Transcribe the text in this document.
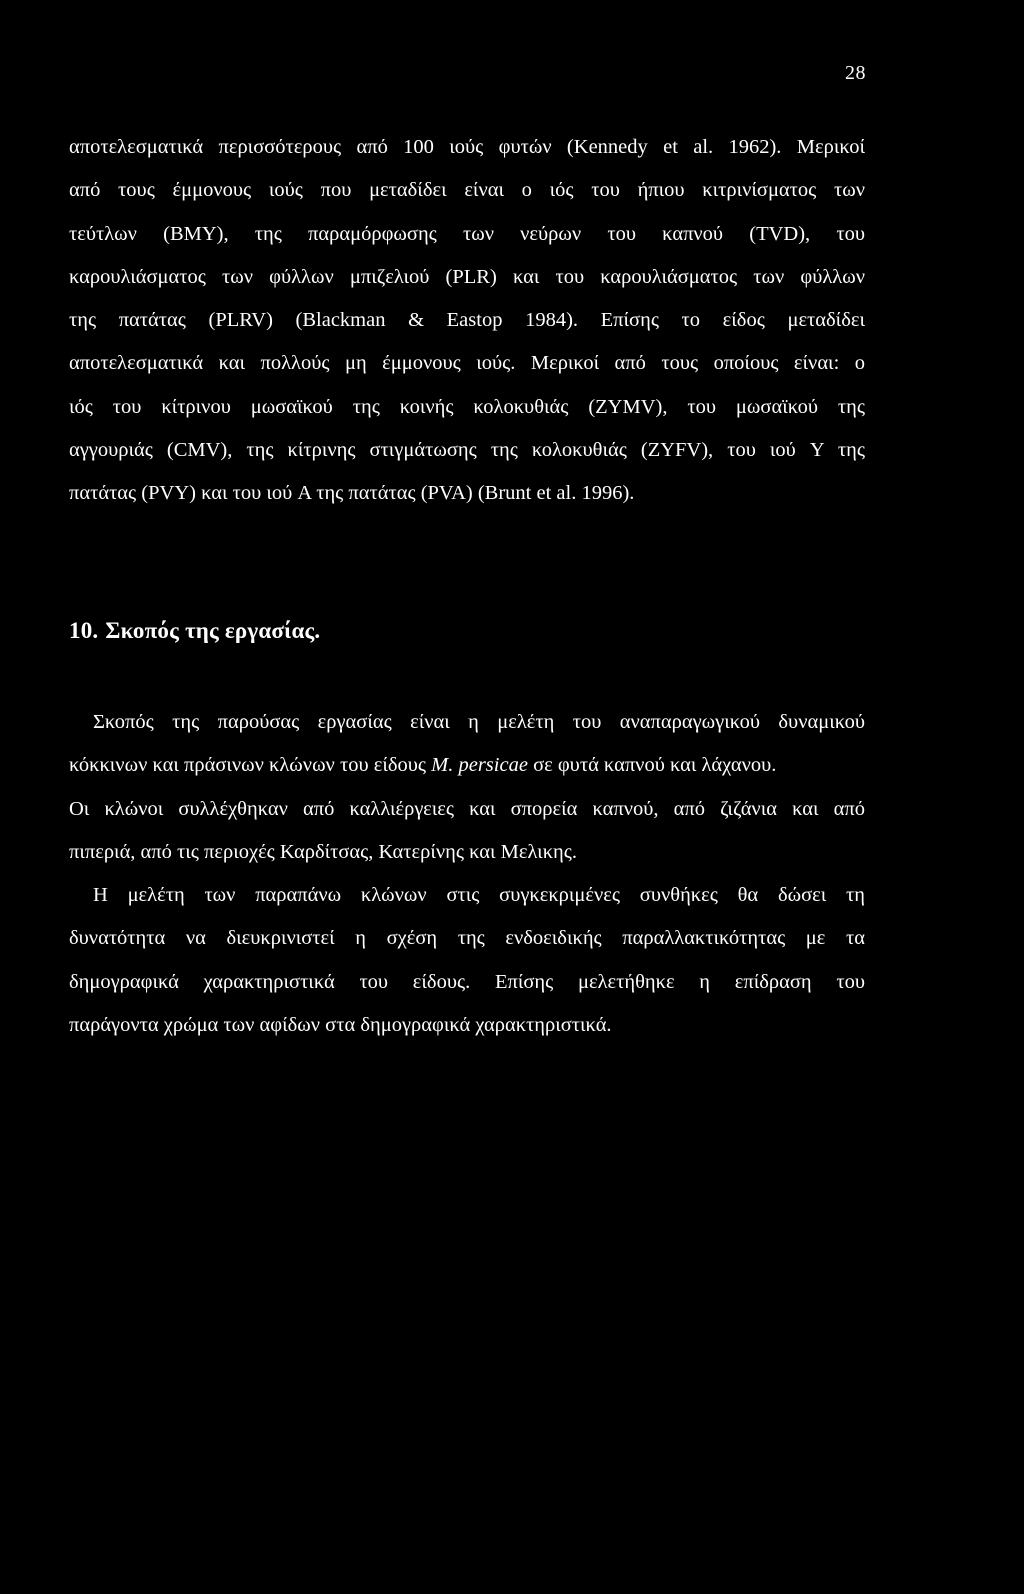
28
αποτελεσματικά περισσότερους από 100 ιούς φυτών (Kennedy et al. 1962). Μερικοί
από τους έμμονους ιούς που μεταδίδει είναι ο ιός του ήπιου κιτρινίσματος των
τεύτλων (BMY), της παραμόρφωσης των νεύρων του καπνού (TVD), του
καρουλιάσματος των φύλλων μπιζελιού (PLR) και του καρουλιάσματος των φύλλων
της πατάτας (PLRV) (Blackman & Eastop 1984). Επίσης το είδος μεταδίδει
αποτελεσματικά και πολλούς μη έμμονους ιούς. Μερικοί από τους οποίους είναι: ο
ιός του κίτρινου μωσαϊκού της κοινής κολοκυθιάς (ZYMV), του μωσαϊκού της
αγγουριάς (CMV), της κίτρινης στιγμάτωσης της κολοκυθιάς (ZYFV), του ιού Y της
πατάτας (PVY) και του ιού A της πατάτας (PVA) (Brunt et al. 1996).
10. Σκοπός της εργασίας.
Σκοπός της παρούσας εργασίας είναι η μελέτη του αναπαραγωγικού δυναμικού
κόκκινων και πράσινων κλώνων του είδους M. persicae σε φυτά καπνού και λάχανου.
Οι κλώνοι συλλέχθηκαν από καλλιέργειες και σπορεία καπνού, από ζιζάνια και από
πιπεριά, από τις περιοχές Καρδίτσας, Κατερίνης και Μελικης.
Η μελέτη των παραπάνω κλώνων στις συγκεκριμένες συνθήκες θα δώσει τη
δυνατότητα να διευκρινιστεί η σχέση της ενδοειδικής παραλλακτικότητας με τα
δημογραφικά χαρακτηριστικά του είδους. Επίσης μελετήθηκε η επίδραση του
παράγοντα χρώμα των αφίδων στα δημογραφικά χαρακτηριστικά.
